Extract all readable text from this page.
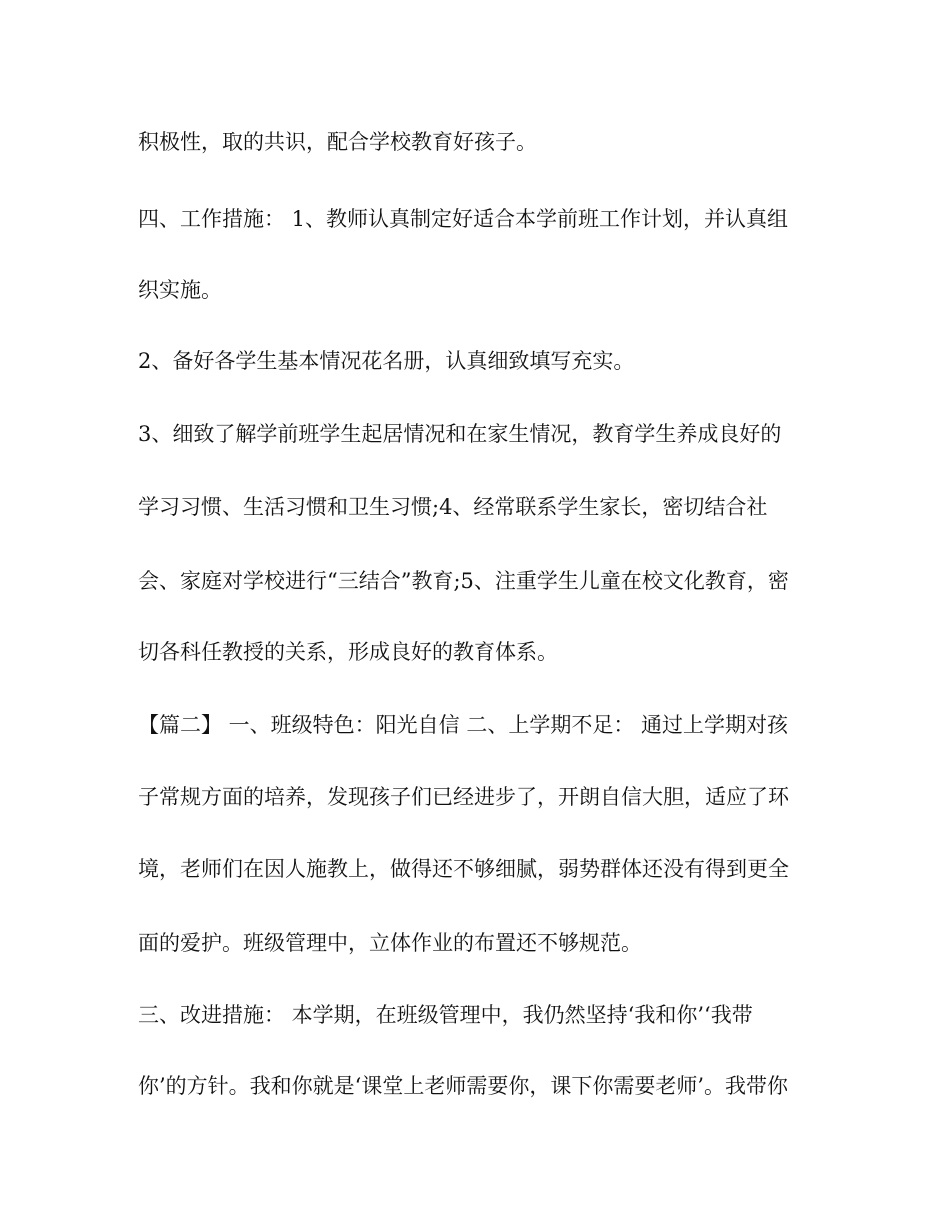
积极性，取的共识，配合学校教育好孩子。
四、工作措施： 1、教师认真制定好适合本学前班工作计划，并认真组
织实施。
2、备好各学生基本情况花名册，认真细致填写充实。
3、细致了解学前班学生起居情况和在家生情况，教育学生养成良好的
学习习惯、生活习惯和卫生习惯;4、经常联系学生家长，密切结合社
会、家庭对学校进行“三结合”教育;5、注重学生儿童在校文化教育，密
切各科任教授的关系，形成良好的教育体系。
【篇二】 一、班级特色：阳光自信 二、上学期不足： 通过上学期对孩
子常规方面的培养，发现孩子们已经进步了，开朗自信大胆，适应了环
境，老师们在因人施教上，做得还不够细腻，弱势群体还没有得到更全
面的爱护。班级管理中，立体作业的布置还不够规范。
三、改进措施： 本学期，在班级管理中，我仍然坚持‘我和你’‘我带
你’的方针。我和你就是‘课堂上老师需要你，课下你需要老师’。我带你
